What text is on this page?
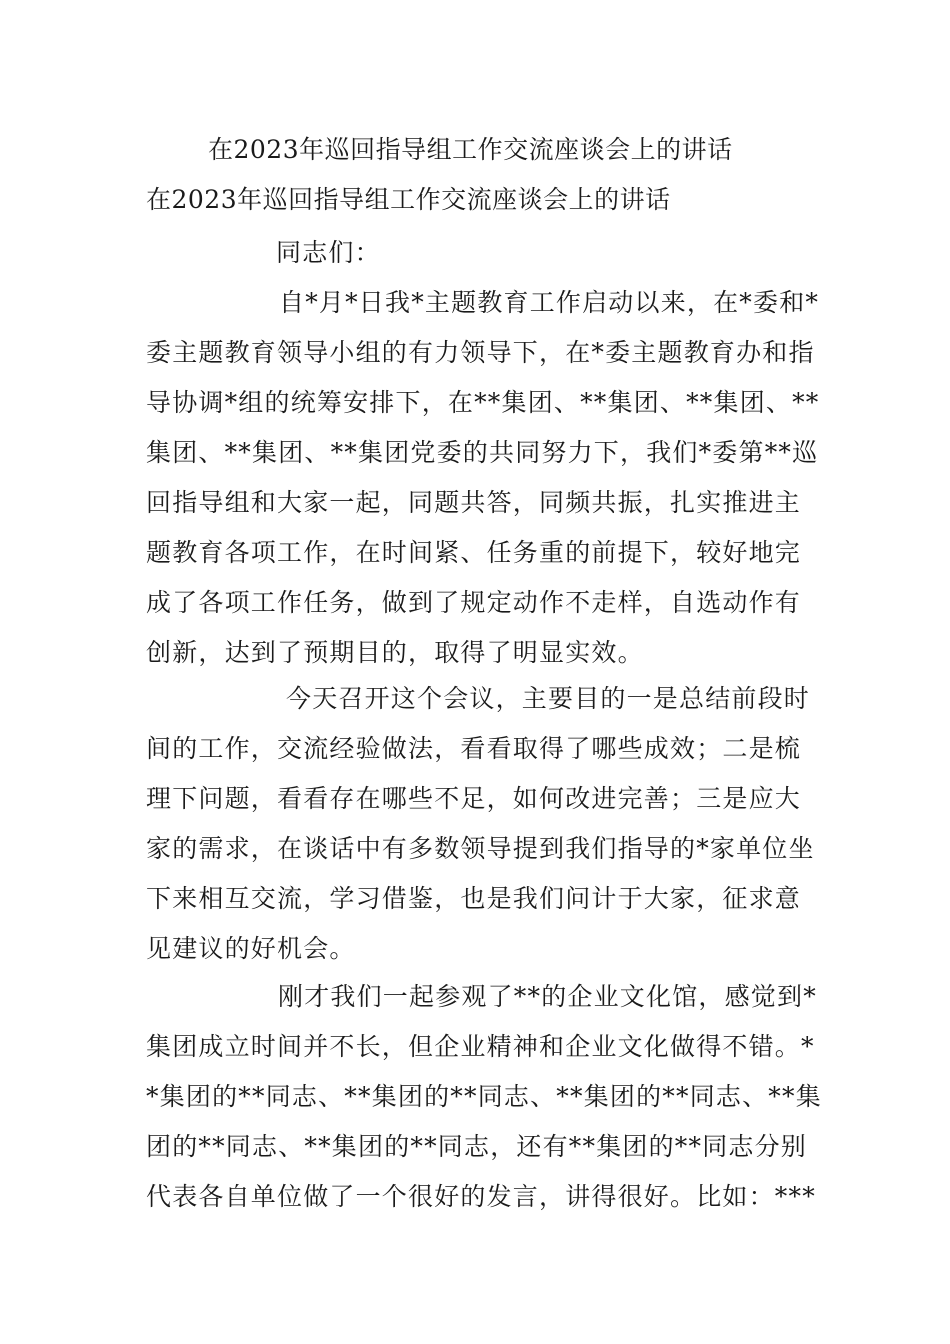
在2023年巡回指导组工作交流座谈会上的讲话
在2023年巡回指导组工作交流座谈会上的讲话
同志们：
自*月*日我*主题教育工作启动以来，在*委和*
委主题教育领导小组的有力领导下，在*委主题教育办和指
导协调*组的统筹安排下，在**集团、**集团、**集团、**
集团、**集团、**集团党委的共同努力下，我们*委第**巡
回指导组和大家一起，同题共答，同频共振，扎实推进主
题教育各项工作，在时间紧、任务重的前提下，较好地完
成了各项工作任务，做到了规定动作不走样，自选动作有
创新，达到了预期目的，取得了明显实效。
今天召开这个会议，主要目的一是总结前段时
间的工作，交流经验做法，看看取得了哪些成效；二是梳
理下问题，看看存在哪些不足，如何改进完善；三是应大
家的需求，在谈话中有多数领导提到我们指导的*家单位坐
下来相互交流，学习借鉴，也是我们问计于大家，征求意
见建议的好机会。
刚才我们一起参观了**的企业文化馆，感觉到*
集团成立时间并不长，但企业精神和企业文化做得不错。*
*集团的**同志、**集团的**同志、**集团的**同志、**集
团的**同志、**集团的**同志，还有**集团的**同志分别
代表各自单位做了一个很好的发言，讲得很好。比如：***
